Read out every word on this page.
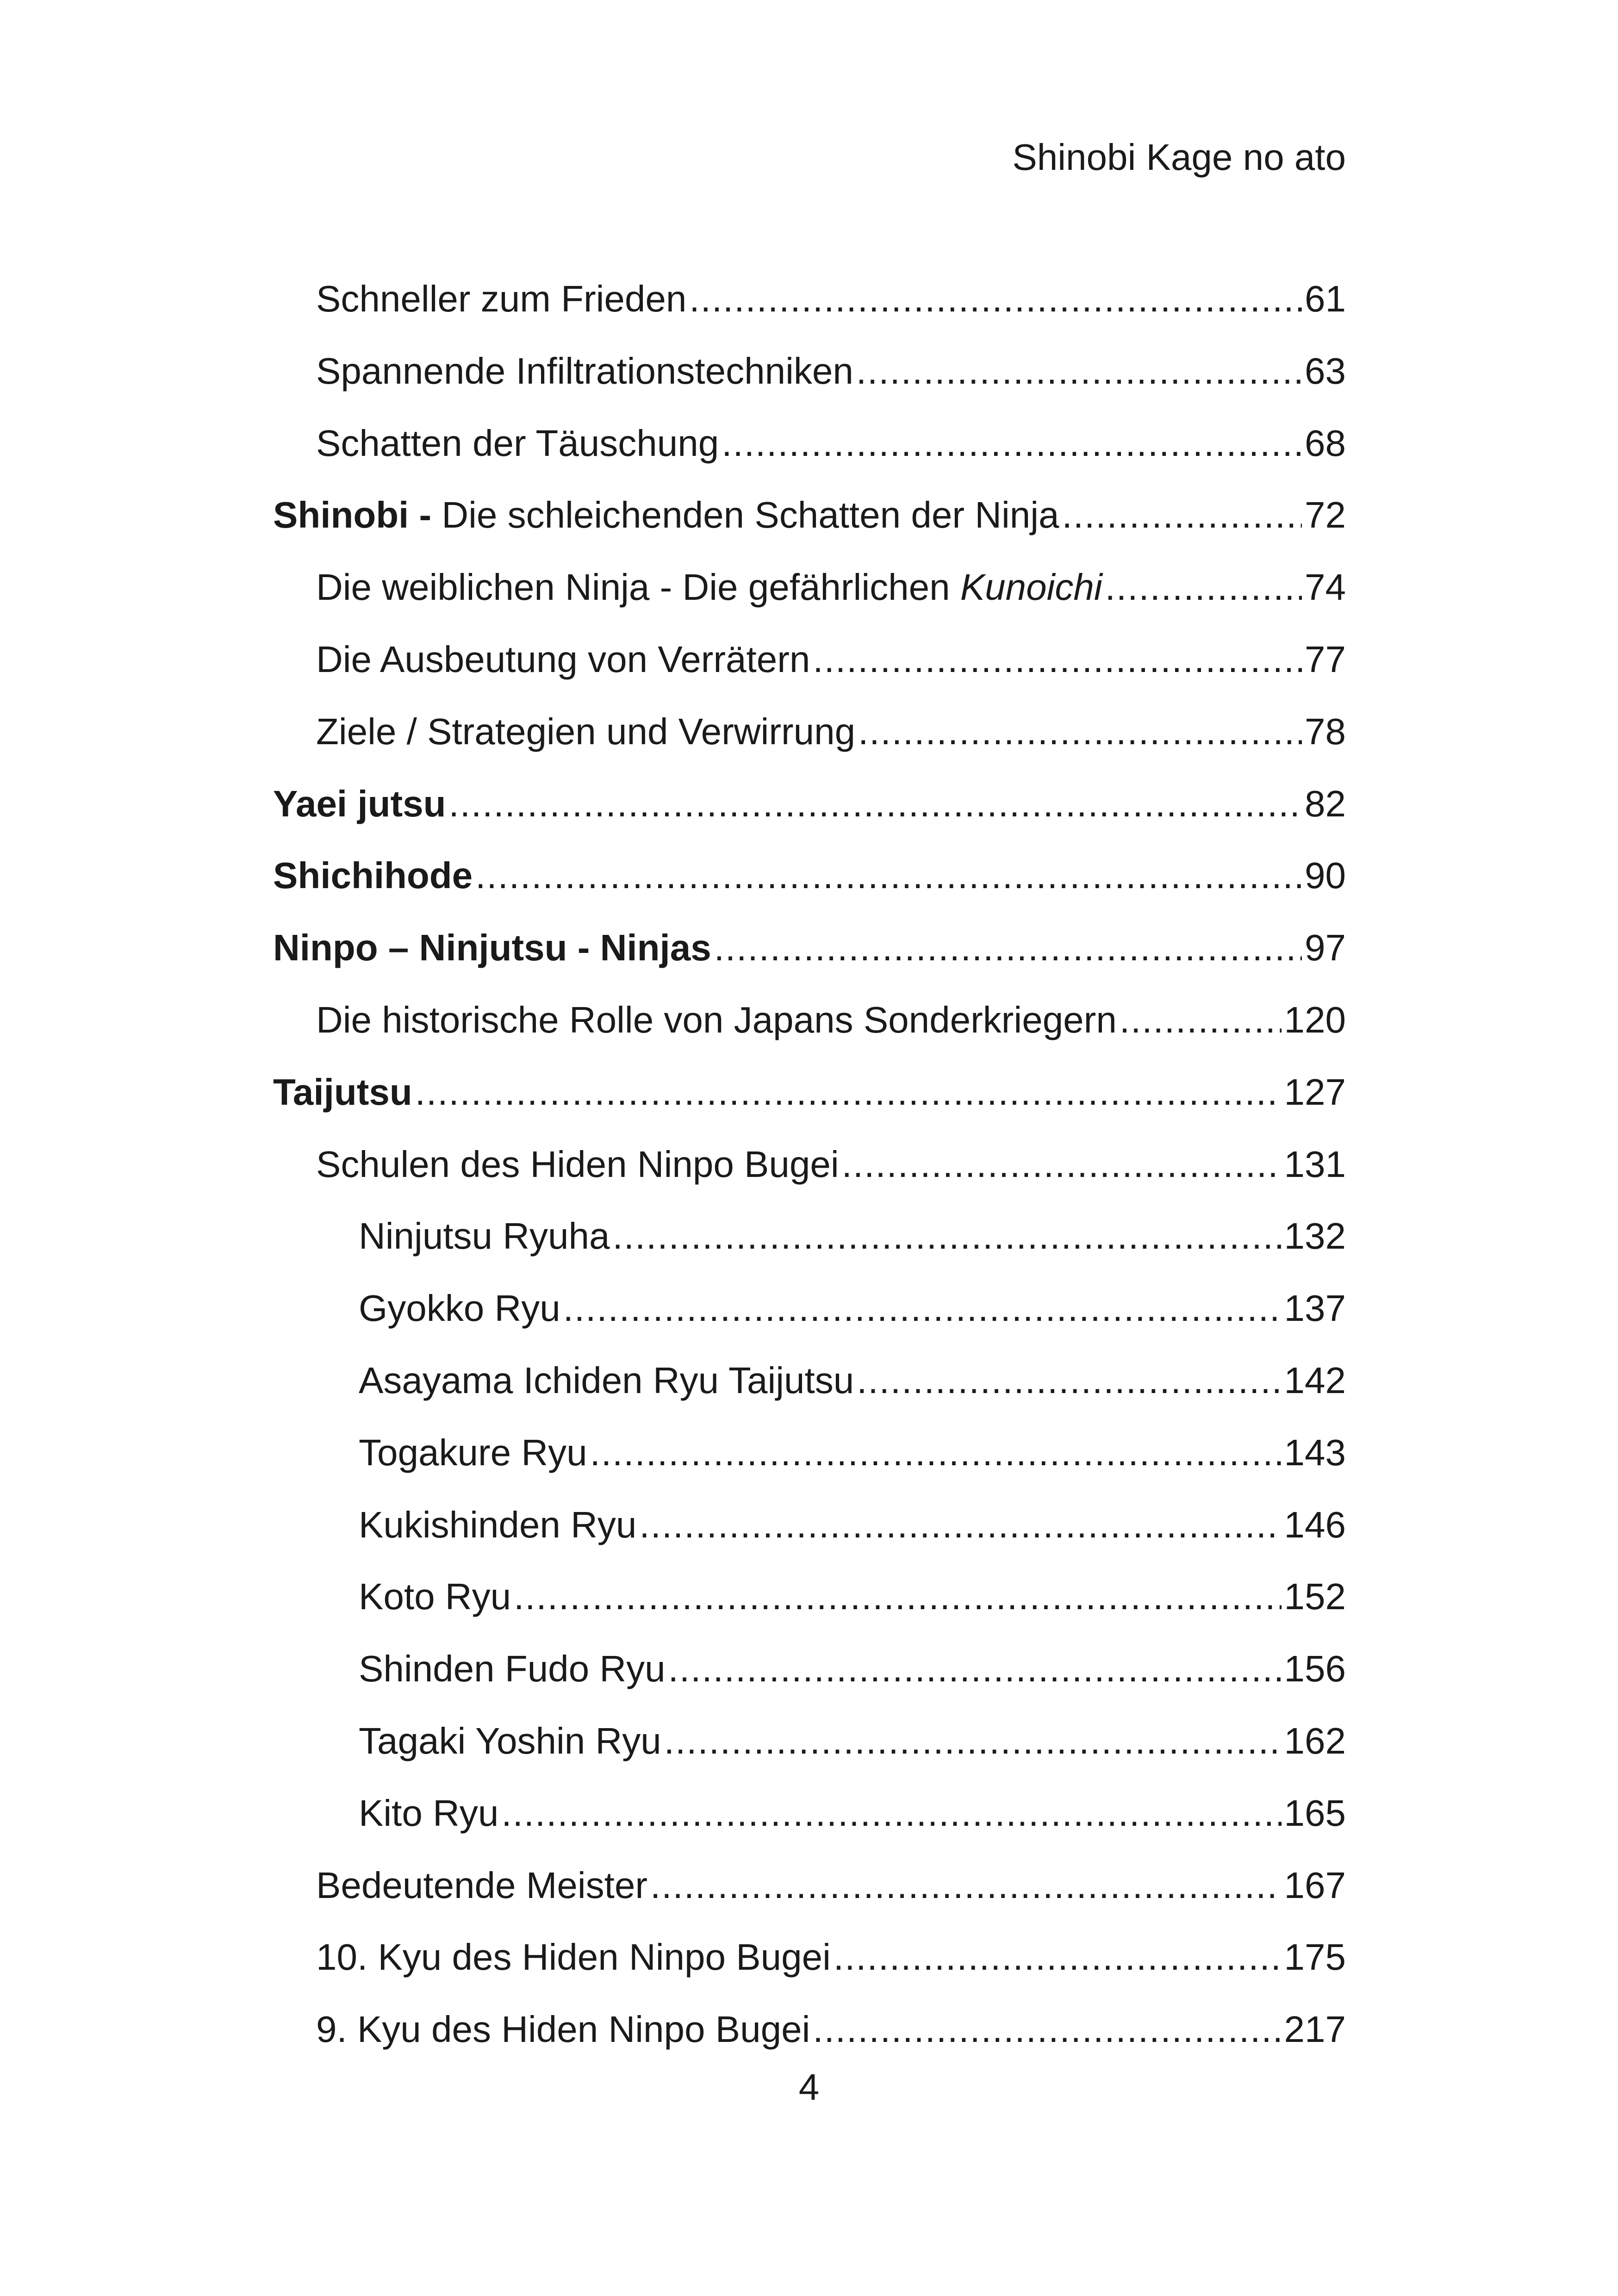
Shinobi Kage no ato
Schneller zum Frieden .....	61
Spannende Infiltrationstechniken .....	63
Schatten der Täuschung .....	68
Shinobi - Die schleichenden Schatten der Ninja .....	72
Die weiblichen Ninja - Die gefährlichen Kunoichi .....	74
Die Ausbeutung von Verrätern .....	77
Ziele / Strategien und Verwirrung .....	78
Yaei jutsu .....	82
Shichihode .....	90
Ninpo – Ninjutsu - Ninjas .....	97
Die historische Rolle von Japans Sonderkriegern .....	120
Taijutsu .....	127
Schulen des Hiden Ninpo Bugei .....	131
Ninjutsu Ryuha .....	132
Gyokko Ryu .....	137
Asayama Ichiden Ryu Taijutsu .....	142
Togakure Ryu .....	143
Kukishinden Ryu .....	146
Koto Ryu .....	152
Shinden Fudo Ryu .....	156
Tagaki Yoshin Ryu .....	162
Kito Ryu .....	165
Bedeutende Meister .....	167
10. Kyu des Hiden Ninpo Bugei .....	175
9. Kyu des Hiden Ninpo Bugei .....	217
4
